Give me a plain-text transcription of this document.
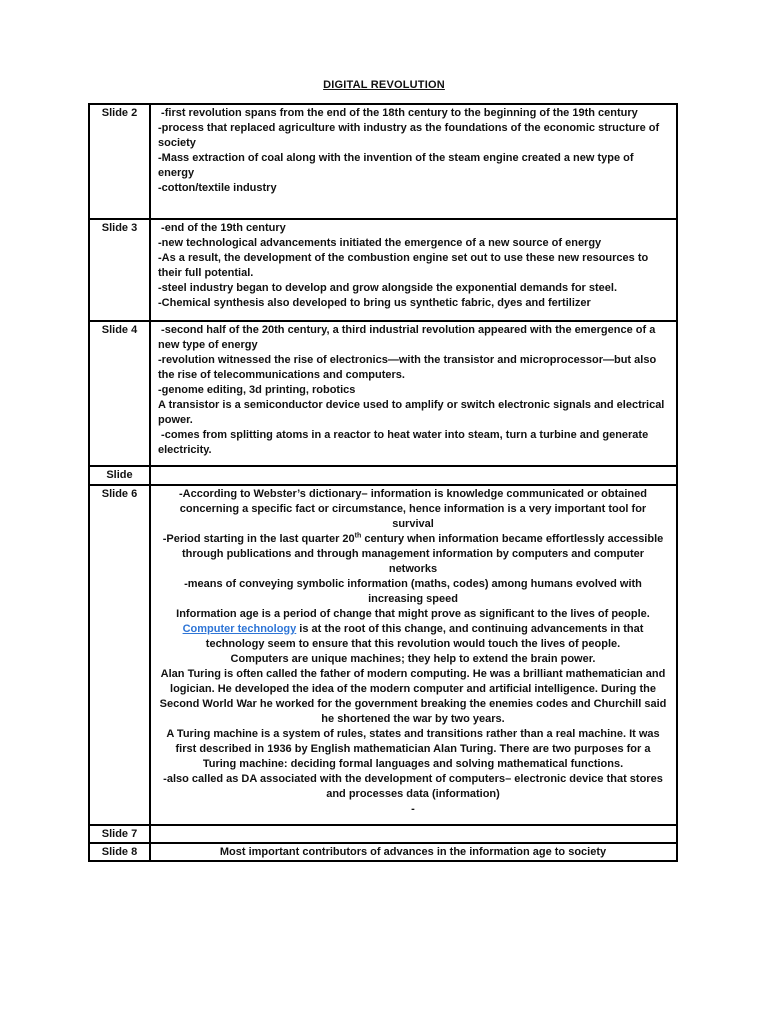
DIGITAL REVOLUTION
Slide 2	-first revolution spans from the end of the 18th century to the beginning of the 19th century

-process that replaced agriculture with industry as the foundations of the economic structure of society

-Mass extraction of coal along with the invention of the steam engine created a new type of energy

-cotton/textile industry

Slide 3	-end of the 19th century

-new technological advancements initiated the emergence of a new source of energy

-As a result, the development of the combustion engine set out to use these new resources to their full potential.

-steel industry began to develop and grow alongside the exponential demands for steel.

-Chemical synthesis also developed to bring us synthetic fabric, dyes and fertilizer

Slide 4	-second half of the 20th century, a third industrial revolution appeared with the emergence of a new type of energy

-revolution witnessed the rise of electronics—with the transistor and microprocessor—but also the rise of telecommunications and computers.

-genome editing, 3d printing, robotics

A transistor is a semiconductor device used to amplify or switch electronic signals and electrical power.

-comes from splitting atoms in a reactor to heat water into steam, turn a turbine and generate electricity.

Slide	
Slide 6	-According to Webster’s dictionary– information is knowledge communicated or obtained concerning a specific fact or circumstance, hence information is a very important tool for survival

-Period starting in the last quarter 20th century when information became effortlessly accessible through publications and through management information by computers and computer networks

-means of conveying symbolic information (maths, codes) among humans evolved with increasing speed

Information age is a period of change that might prove as significant to the lives of people. Computer technology is at the root of this change, and continuing advancements in that technology seem to ensure that this revolution would touch the lives of people.

Computers are unique machines; they help to extend the brain power.

Alan Turing is often called the father of modern computing. He was a brilliant mathematician and logician. He developed the idea of the modern computer and artificial intelligence. During the Second World War he worked for the government breaking the enemies codes and Churchill said he shortened the war by two years.

A Turing machine is a system of rules, states and transitions rather than a real machine. It was first described in 1936 by English mathematician Alan Turing. There are two purposes for a Turing machine: deciding formal languages and solving mathematical functions.

-also called as DA associated with the development of computers– electronic device that stores and processes data (information)

-

Slide 7	
Slide 8	Most important contributors of advances in the information age to society
